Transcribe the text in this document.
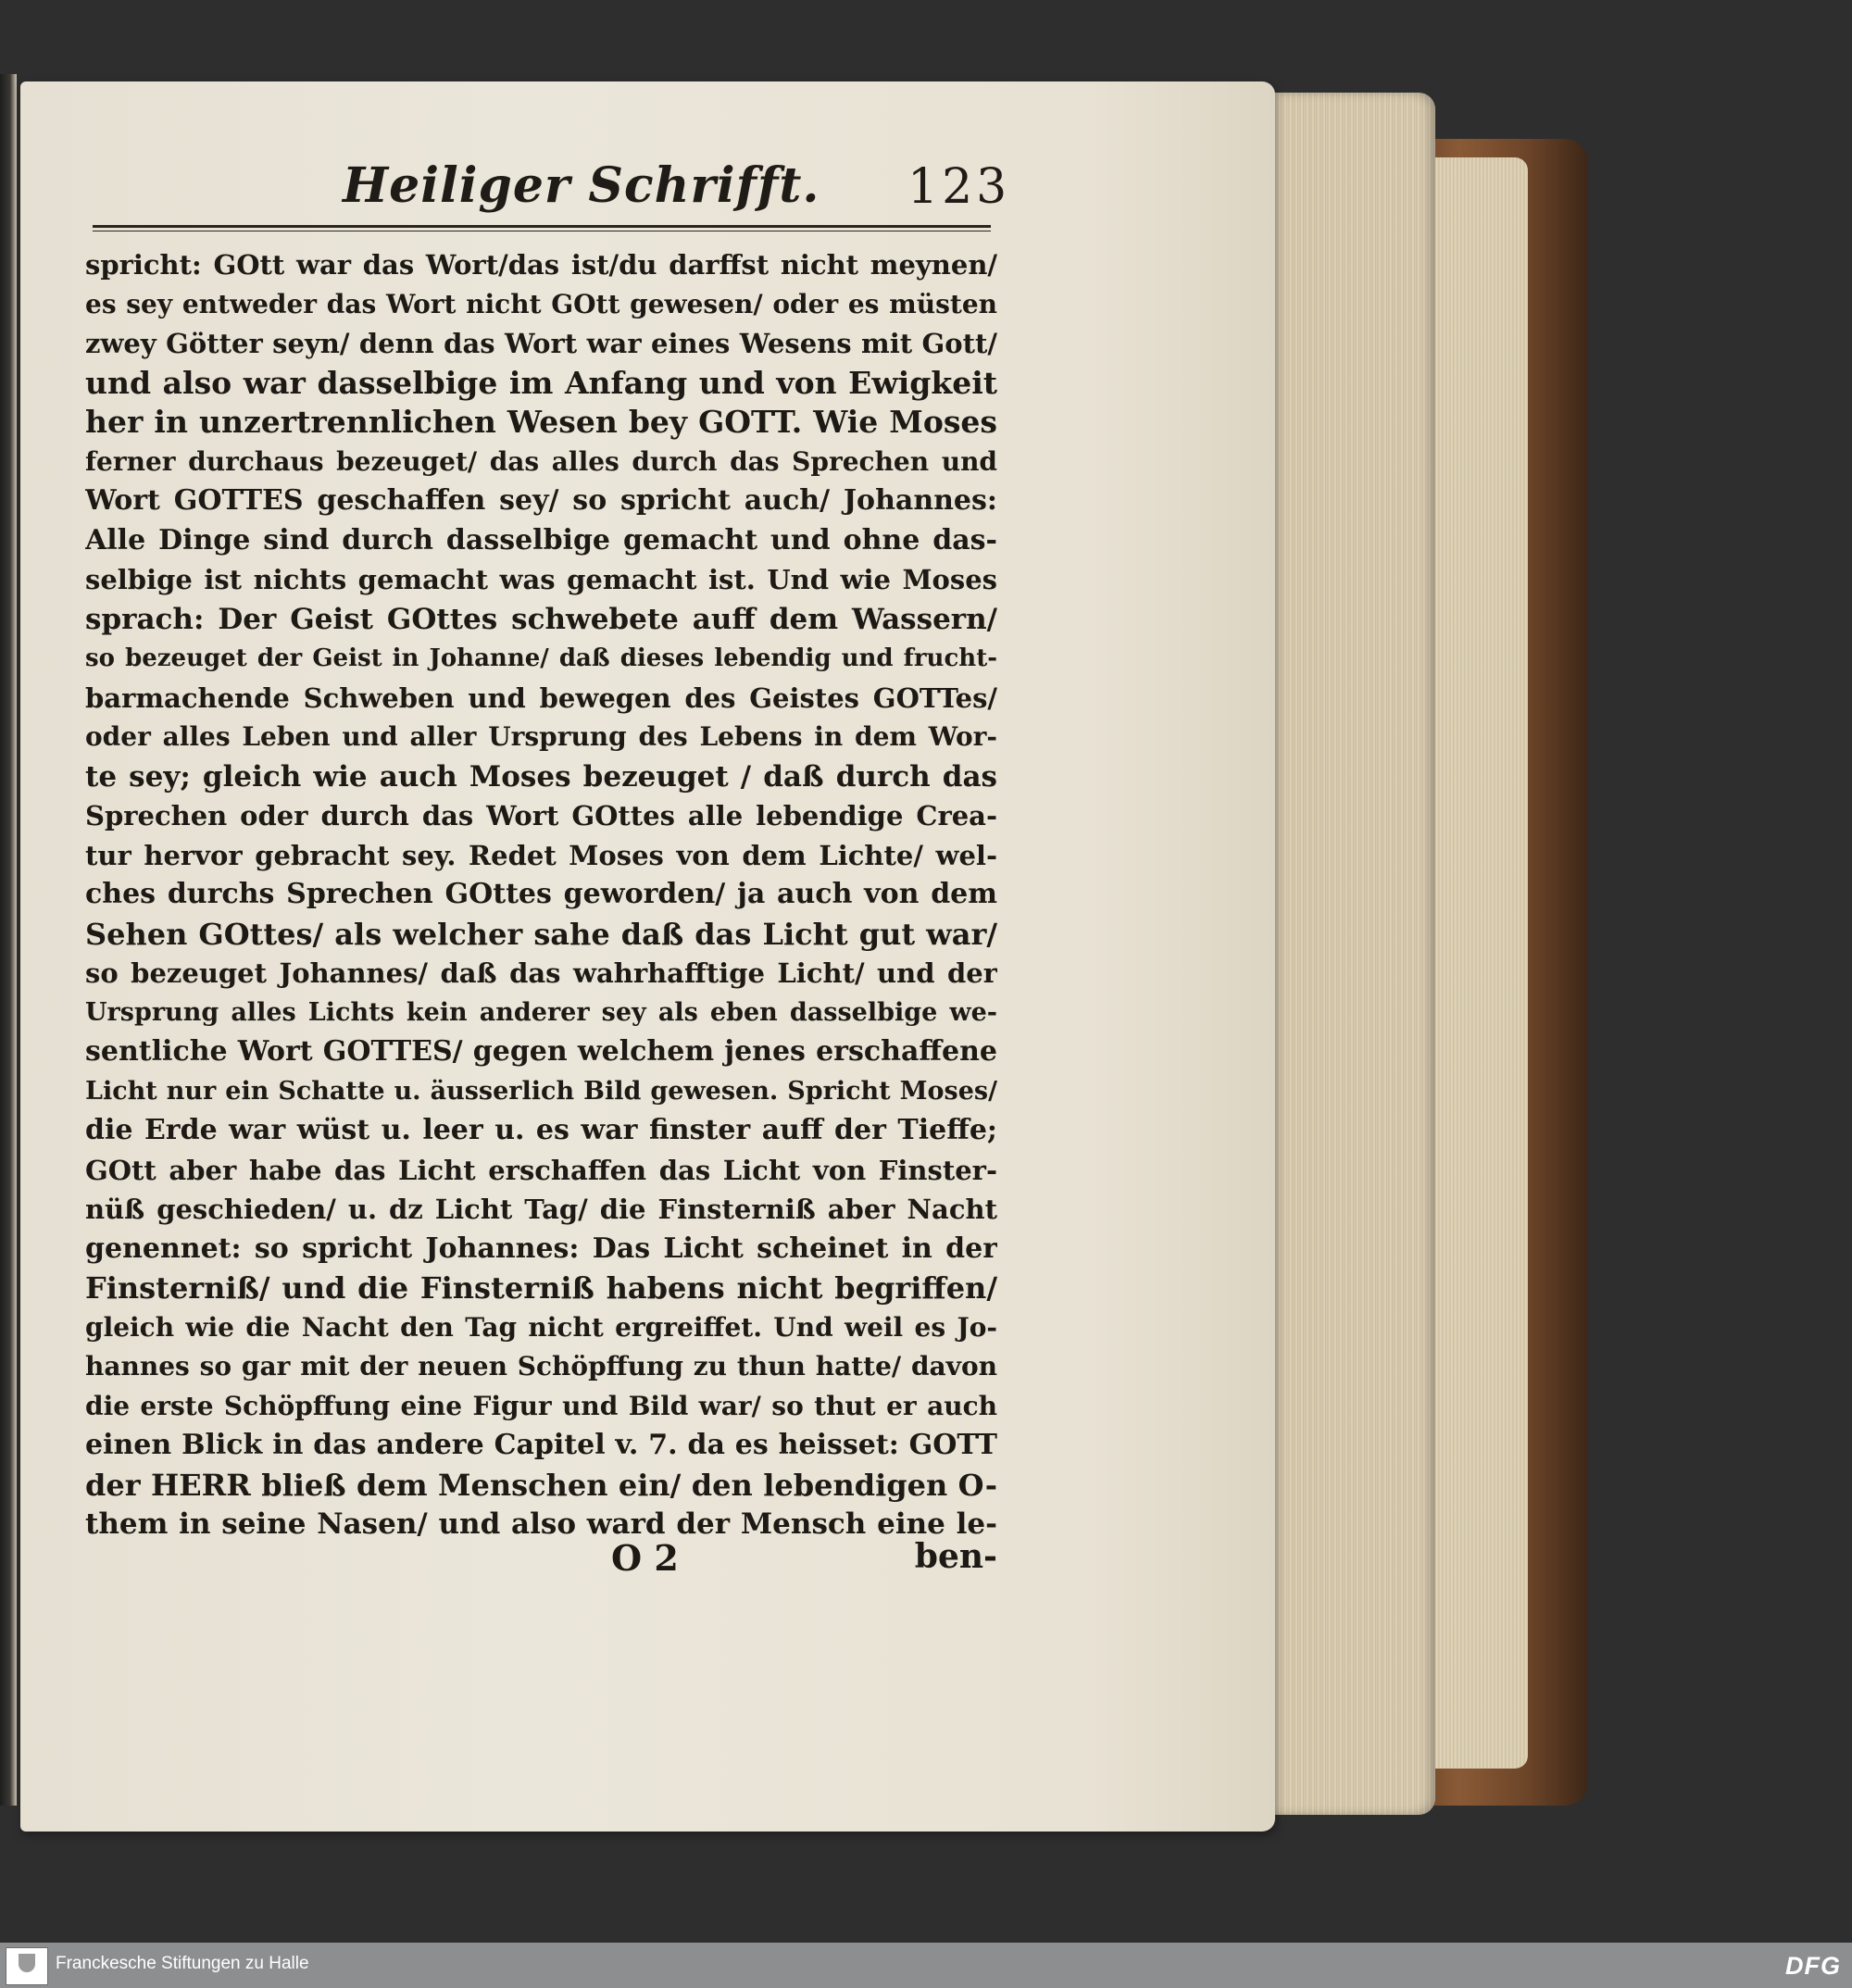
Heiliger Schrifft. 123
spricht: GOtt war das Wort/das ist/du darffst nicht meynen/
es sey entweder das Wort nicht GOtt gewesen/ oder es müsten
zwey Götter seyn/ denn das Wort war eines Wesens mit Gott/
und also war dasselbige im Anfang und von Ewigkeit
her in unzertrennlichen Wesen bey GOTT. Wie Moses
ferner durchaus bezeuget/ das alles durch das Sprechen und
Wort GOTTES geschaffen sey/ so spricht auch/ Johannes:
Alle Dinge sind durch dasselbige gemacht und ohne das-
selbige ist nichts gemacht was gemacht ist. Und wie Moses
sprach: Der Geist GOttes schwebete auff dem Wassern/
so bezeuget der Geist in Johanne/ daß dieses lebendig und frucht-
barmachende Schweben und bewegen des Geistes GOTTes/
oder alles Leben und aller Ursprung des Lebens in dem Wor-
te sey; gleich wie auch Moses bezeuget / daß durch das
Sprechen oder durch das Wort GOttes alle lebendige Crea-
tur hervor gebracht sey. Redet Moses von dem Lichte/ wel-
ches durchs Sprechen GOttes geworden/ ja auch von dem
Sehen GOttes/ als welcher sahe daß das Licht gut war/
so bezeuget Johannes/ daß das wahrhafftige Licht/ und der
Ursprung alles Lichts kein anderer sey als eben dasselbige we-
sentliche Wort GOTTES/ gegen welchem jenes erschaffene
Licht nur ein Schatte u. äusserlich Bild gewesen. Spricht Moses/
die Erde war wüst u. leer u. es war finster auff der Tieffe;
GOtt aber habe das Licht erschaffen das Licht von Finster-
nüß geschieden/ u. dz Licht Tag/ die Finsterniß aber Nacht
genennet: so spricht Johannes: Das Licht scheinet in der
Finsterniß/ und die Finsterniß habens nicht begriffen/
gleich wie die Nacht den Tag nicht ergreiffet. Und weil es Jo-
hannes so gar mit der neuen Schöpffung zu thun hatte/ davon
die erste Schöpffung eine Figur und Bild war/ so thut er auch
einen Blick in das andere Capitel v. 7. da es heisset: GOTT
der HERR bließ dem Menschen ein/ den lebendigen O-
them in seine Nasen/ und also ward der Mensch eine le-
O 2	ben-
Franckesche Stiftungen zu Halle	DFG
